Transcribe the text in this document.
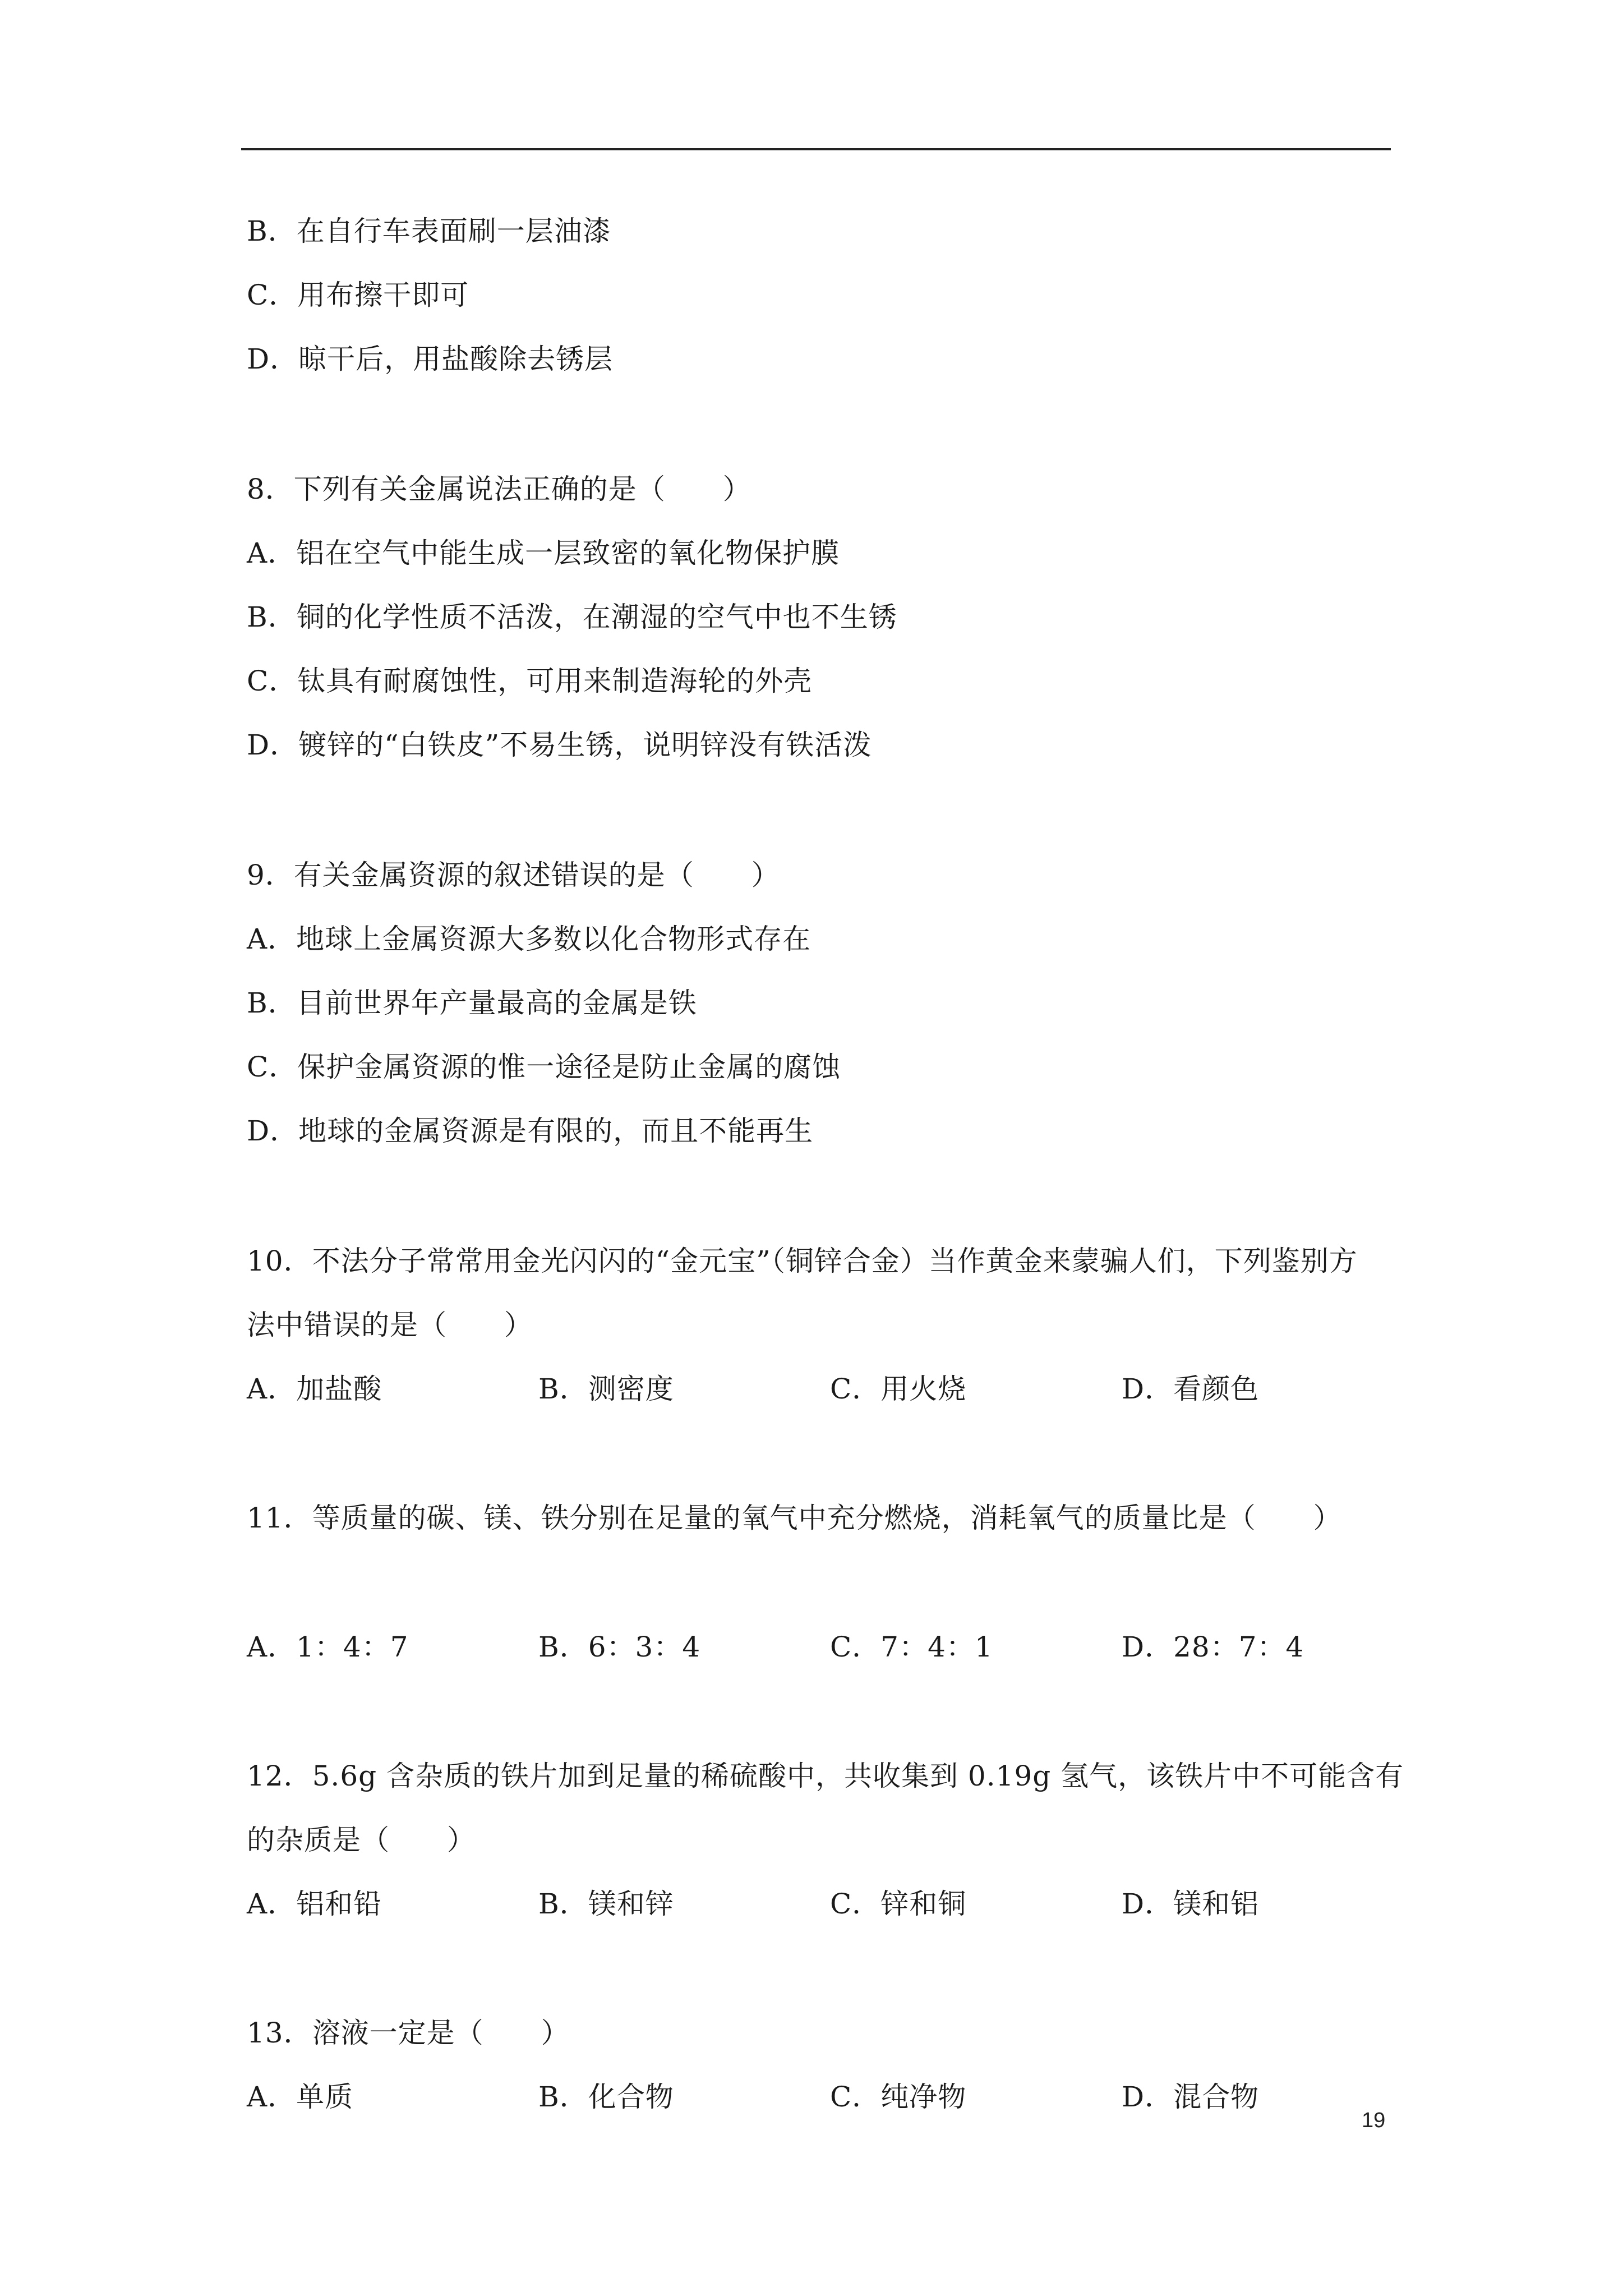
B．在自行车表面刷一层油漆
C．用布擦干即可
D．晾干后，用盐酸除去锈层
8．下列有关金属说法正确的是（　　）
A．铝在空气中能生成一层致密的氧化物保护膜
B．铜的化学性质不活泼，在潮湿的空气中也不生锈
C．钛具有耐腐蚀性，可用来制造海轮的外壳
D．镀锌的“白铁皮”不易生锈，说明锌没有铁活泼
9．有关金属资源的叙述错误的是（　　）
A．地球上金属资源大多数以化合物形式存在
B．目前世界年产量最高的金属是铁
C．保护金属资源的惟一途径是防止金属的腐蚀
D．地球的金属资源是有限的，而且不能再生
10．不法分子常常用金光闪闪的“金元宝”（铜锌合金）当作黄金来蒙骗人们，下列鉴别方
法中错误的是（　　）
A．加盐酸	B．测密度	C．用火烧	D．看颜色
11．等质量的碳、镁、铁分别在足量的氧气中充分燃烧，消耗氧气的质量比是（　　）
A．1：4：7	B．6：3：4	C．7：4：1	D．28：7：4
12．5.6g 含杂质的铁片加到足量的稀硫酸中，共收集到 0.19g 氢气，该铁片中不可能含有
的杂质是（　　）
A．铝和铅	B．镁和锌	C．锌和铜	D．镁和铝
13．溶液一定是（　　）
A．单质	B．化合物	C．纯净物	D．混合物
19
